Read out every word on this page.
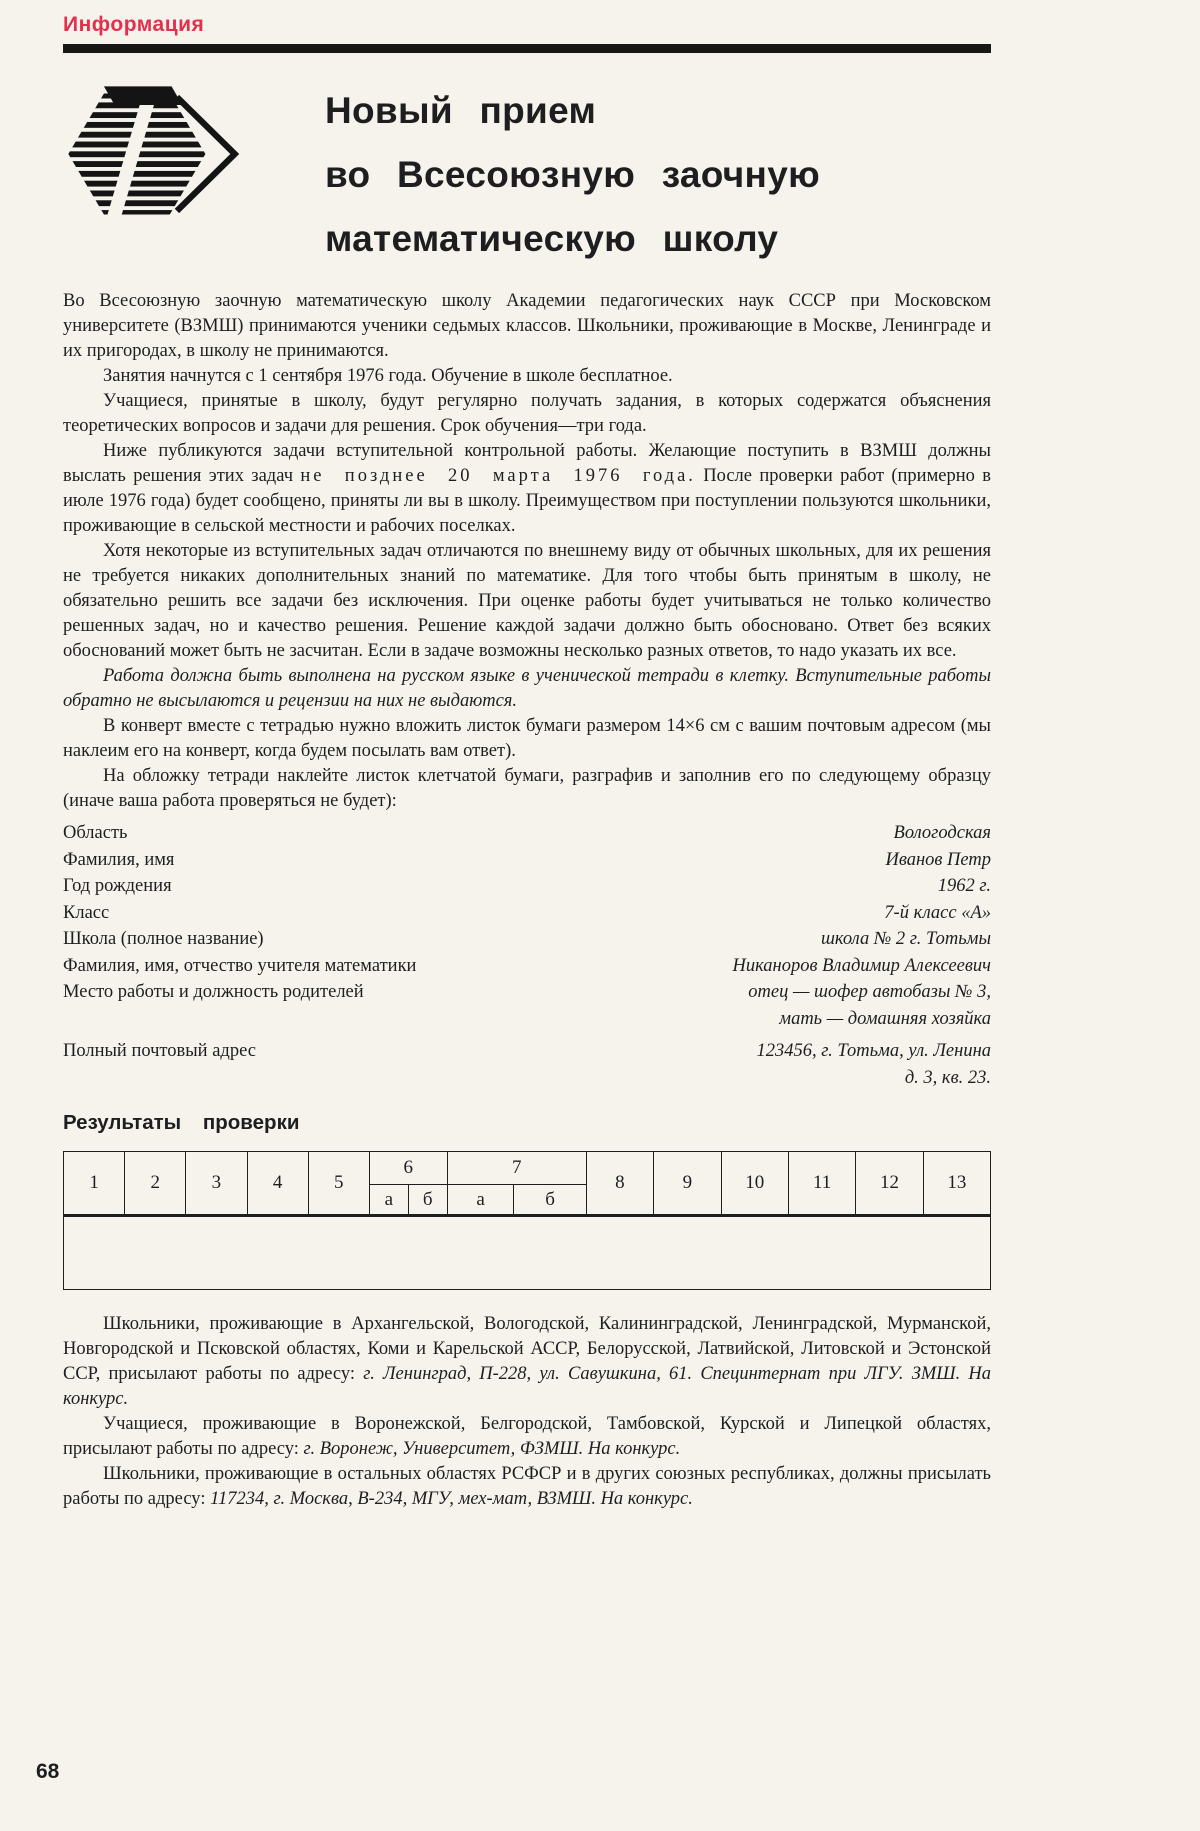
Информация
Новый прием
во Всесоюзную заочную
математическую школу

Во Всесоюзную заочную математическую школу Академии педагогических наук СССР при Московском университете (ВЗМШ) принимаются ученики седьмых классов. Школьники, проживающие в Москве, Ленинграде и их пригородах, в школу не принимаются.

Занятия начнутся с 1 сентября 1976 года. Обучение в школе бесплатное.

Учащиеся, принятые в школу, будут регулярно получать задания, в которых содержатся объяснения теоретических вопросов и задачи для решения. Срок обучения—три года.

Ниже публикуются задачи вступительной контрольной работы. Желающие поступить в ВЗМШ должны выслать решения этих задач не позднее 20 марта 1976 года. После проверки работ (примерно в июле 1976 года) будет сообщено, приняты ли вы в школу. Преимуществом при поступлении пользуются школьники, проживающие в сельской местности и рабочих поселках.

Хотя некоторые из вступительных задач отличаются по внешнему виду от обычных школьных, для их решения не требуется никаких дополнительных знаний по математике. Для того чтобы быть принятым в школу, не обязательно решить все задачи без исключения. При оценке работы будет учитываться не только количество решенных задач, но и качество решения. Решение каждой задачи должно быть обосновано. Ответ без всяких обоснований может быть не засчитан. Если в задаче возможны несколько разных ответов, то надо указать их все.

Работа должна быть выполнена на русском языке в ученической тетради в клетку. Вступительные работы обратно не высылаются и рецензии на них не выдаются.

В конверт вместе с тетрадью нужно вложить листок бумаги размером 14×6 см с вашим почтовым адресом (мы наклеим его на конверт, когда будем посылать вам ответ).

На обложку тетради наклейте листок клетчатой бумаги, разграфив и заполнив его по следующему образцу (иначе ваша работа проверяться не будет):

Область	Вологодская
Фамилия, имя	Иванов Петр
Год рождения	1962 г.
Класс	7-й класс «А»
Школа (полное название)	школа № 2 г. Тотьмы
Фамилия, имя, отчество учителя математики	Никаноров Владимир Алексеевич
Место работы и должность родителей	отец — шофер автобазы № 3,
мать — домашняя хозяйка
Полный почтовый адрес	123456, г. Тотьма, ул. Ленина
д. 3, кв. 23.
Результаты проверки
1	2	3	4	5	6		7		8	9	10	11	12	13
					а	б	а	б						

Школьники, проживающие в Архангельской, Вологодской, Калининградской, Ленинградской, Мурманской, Новгородской и Псковской областях, Коми и Карельской АССР, Белорусской, Латвийской, Литовской и Эстонской ССР, присылают работы по адресу: г. Ленинград, П-228, ул. Савушкина, 61. Специнтернат при ЛГУ. ЗМШ. На конкурс.

Учащиеся, проживающие в Воронежской, Белгородской, Тамбовской, Курской и Липецкой областях, присылают работы по адресу: г. Воронеж, Университет, ФЗМШ. На конкурс.

Школьники, проживающие в остальных областях РСФСР и в других союзных республиках, должны присылать работы по адресу: 117234, г. Москва, В-234, МГУ, мех-мат, ВЗМШ. На конкурс.

68
